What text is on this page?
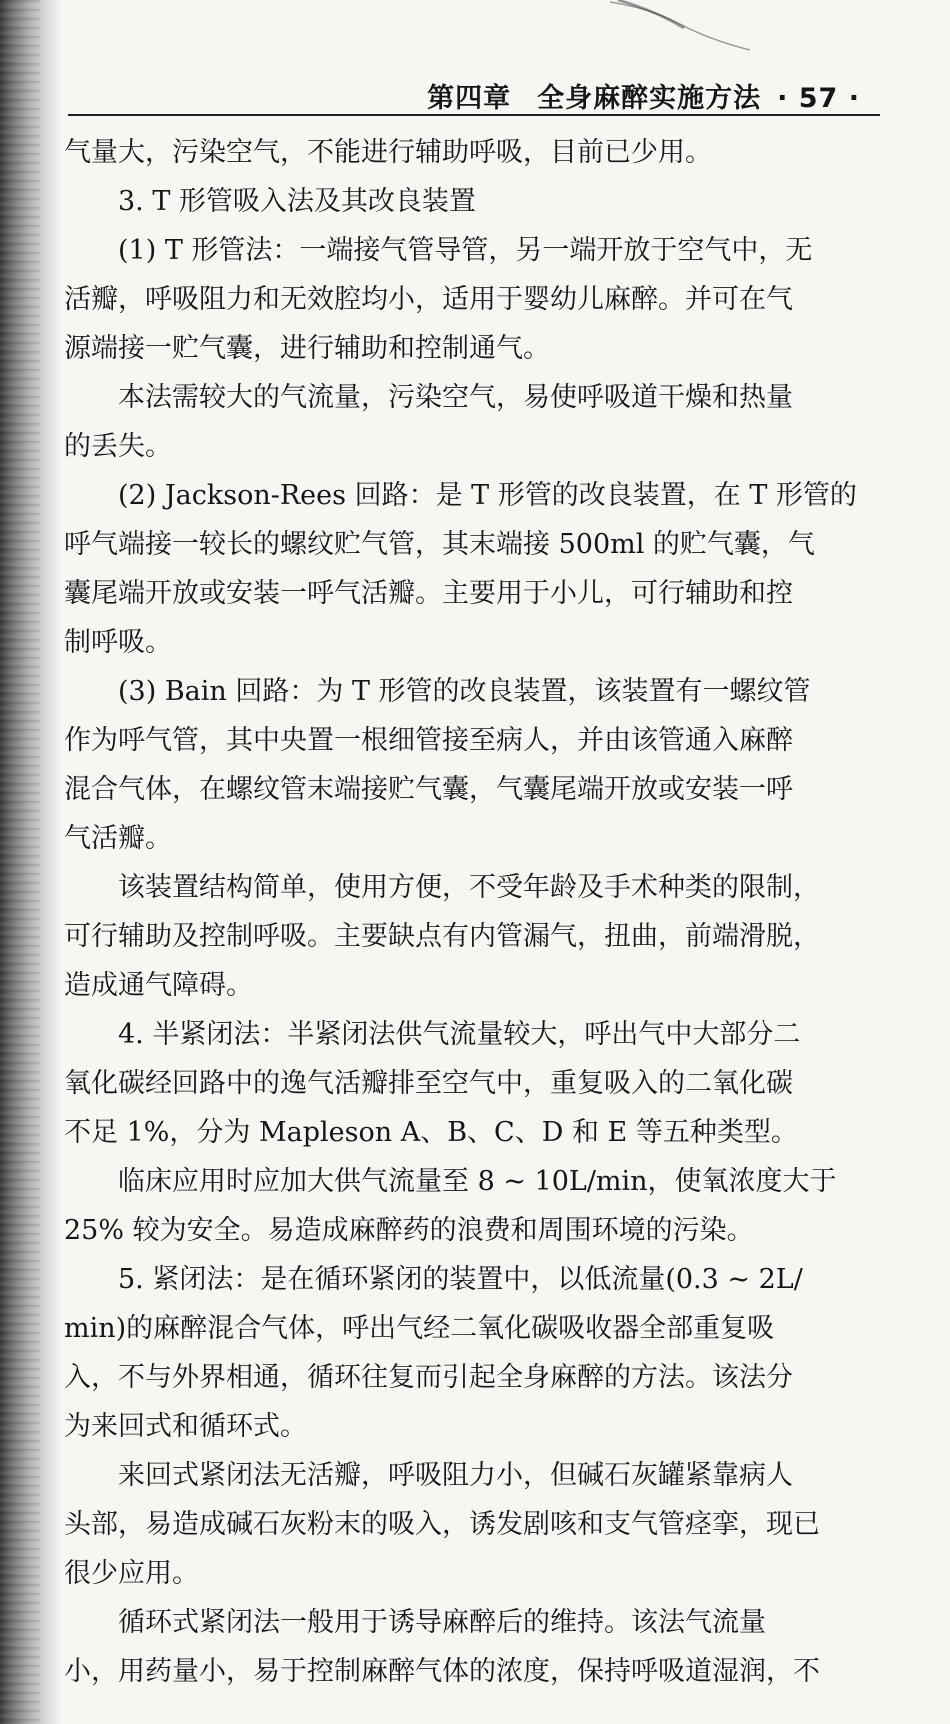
第四章 全身麻醉实施方法 · 57 ·
气量大，污染空气，不能进行辅助呼吸，目前已少用。
3. T 形管吸入法及其改良装置
(1) T 形管法：一端接气管导管，另一端开放于空气中，无
活瓣，呼吸阻力和无效腔均小，适用于婴幼儿麻醉。并可在气
源端接一贮气囊，进行辅助和控制通气。
本法需较大的气流量，污染空气，易使呼吸道干燥和热量
的丢失。
(2) Jackson-Rees 回路：是 T 形管的改良装置，在 T 形管的
呼气端接一较长的螺纹贮气管，其末端接 500ml 的贮气囊，气
囊尾端开放或安装一呼气活瓣。主要用于小儿，可行辅助和控
制呼吸。
(3) Bain 回路：为 T 形管的改良装置，该装置有一螺纹管
作为呼气管，其中央置一根细管接至病人，并由该管通入麻醉
混合气体，在螺纹管末端接贮气囊，气囊尾端开放或安装一呼
气活瓣。
该装置结构简单，使用方便，不受年龄及手术种类的限制，
可行辅助及控制呼吸。主要缺点有内管漏气，扭曲，前端滑脱，
造成通气障碍。
4. 半紧闭法：半紧闭法供气流量较大，呼出气中大部分二
氧化碳经回路中的逸气活瓣排至空气中，重复吸入的二氧化碳
不足 1%，分为 Mapleson A、B、C、D 和 E 等五种类型。
临床应用时应加大供气流量至 8 ~ 10L/min，使氧浓度大于
25% 较为安全。易造成麻醉药的浪费和周围环境的污染。
5. 紧闭法：是在循环紧闭的装置中，以低流量(0.3 ~ 2L/
min)的麻醉混合气体，呼出气经二氧化碳吸收器全部重复吸
入，不与外界相通，循环往复而引起全身麻醉的方法。该法分
为来回式和循环式。
来回式紧闭法无活瓣，呼吸阻力小，但碱石灰罐紧靠病人
头部，易造成碱石灰粉末的吸入，诱发剧咳和支气管痉挛，现已
很少应用。
循环式紧闭法一般用于诱导麻醉后的维持。该法气流量
小，用药量小，易于控制麻醉气体的浓度，保持呼吸道湿润，不
